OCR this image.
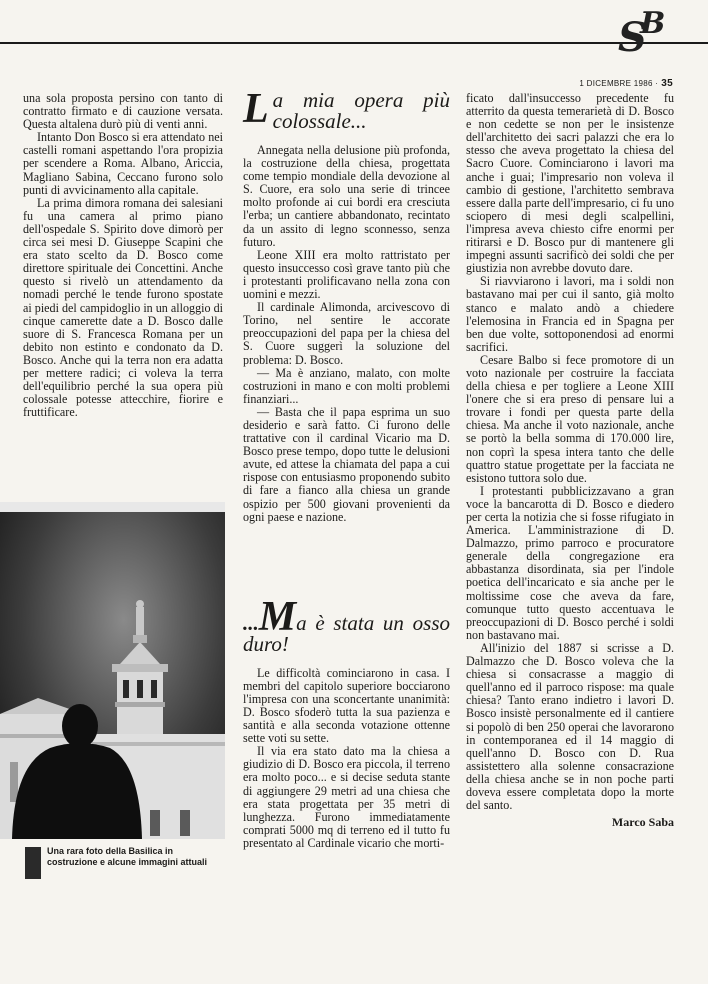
S
B
1 DICEMBRE 1986 · 35

una sola proposta persino con tanto di contratto firmato e di cauzione versata. Questa altalena durò più di venti anni.

Intanto Don Bosco si era attendato nei castelli romani aspettando l'ora propizia per scendere a Roma. Albano, Ariccia, Magliano Sabina, Ceccano furono solo punti di avvicinamento alla capitale.

La prima dimora romana dei salesiani fu una camera al primo piano dell'ospedale S. Spirito dove dimorò per circa sei mesi D. Giuseppe Scapini che era stato scelto da D. Bosco come direttore spirituale dei Concettini. Anche questo si rivelò un attendamento da nomadi perché le tende furono spostate ai piedi del campidoglio in un alloggio di cinque camerette date a D. Bosco dalle suore di S. Francesca Romana per un debito non estinto e condonato da D. Bosco. Anche qui la terra non era adatta per mettere radici; ci voleva la terra dell'equilibrio perché la sua opera più colossale potesse attecchire, fiorire e fruttificare.

Una rara foto della Basilica in costruzione e alcune immagini attuali
La mia opera più colossale...

Annegata nella delusione più profonda, la costruzione della chiesa, progettata come tempio mondiale della devozione al S. Cuore, era solo una serie di trincee molto profonde ai cui bordi era cresciuta l'erba; un cantiere abbandonato, recintato da un assito di legno sconnesso, senza futuro.

Leone XIII era molto rattristato per questo insuccesso così grave tanto più che i protestanti prolificavano nella zona con uomini e mezzi.

Il cardinale Alimonda, arcivescovo di Torino, nel sentire le accorate preoccupazioni del papa per la chiesa del S. Cuore suggerì la soluzione del problema: D. Bosco.

— Ma è anziano, malato, con molte costruzioni in mano e con molti problemi finanziari...

— Basta che il papa esprima un suo desiderio e sarà fatto. Ci furono delle trattative con il cardinal Vicario ma D. Bosco prese tempo, dopo tutte le delusioni avute, ed attese la chiamata del papa a cui rispose con entusiasmo proponendo subito di fare a fianco alla chiesa un grande ospizio per 500 giovani provenienti da ogni paese e nazione.

...Ma è stata un osso duro!

Le difficoltà cominciarono in casa. I membri del capitolo superiore bocciarono l'impresa con una sconcertante unanimità: D. Bosco sfoderò tutta la sua pazienza e santità e alla seconda votazione ottenne sette voti su sette.

Il via era stato dato ma la chiesa a giudizio di D. Bosco era piccola, il terreno era molto poco... e si decise seduta stante di aggiungere 29 metri ad una chiesa che era stata progettata per 35 metri di lunghezza. Furono immediatamente comprati 5000 mq di terreno ed il tutto fu presentato al Cardinale vicario che morti-

ficato dall'insuccesso precedente fu atterrito da questa temerarietà di D. Bosco e non cedette se non per le insistenze dell'architetto dei sacri palazzi che era lo stesso che aveva progettato la chiesa del Sacro Cuore. Cominciarono i lavori ma anche i guai; l'impresario non voleva il cambio di gestione, l'architetto sembrava essere dalla parte dell'impresario, ci fu uno sciopero di mesi degli scalpellini, l'impresa aveva chiesto cifre enormi per ritirarsi e D. Bosco pur di mantenere gli impegni assunti sacrificò dei soldi che per giustizia non avrebbe dovuto dare.

Si riavviarono i lavori, ma i soldi non bastavano mai per cui il santo, già molto stanco e malato andò a chiedere l'elemosina in Francia ed in Spagna per ben due volte, sottoponendosi ad enormi sacrifici.

Cesare Balbo si fece promotore di un voto nazionale per costruire la facciata della chiesa e per togliere a Leone XIII l'onere che si era preso di pensare lui a trovare i fondi per questa parte della chiesa. Ma anche il voto nazionale, anche se portò la bella somma di 170.000 lire, non coprì la spesa intera tanto che delle quattro statue progettate per la facciata ne esistono tuttora solo due.

I protestanti pubblicizzavano a gran voce la bancarotta di D. Bosco e diedero per certa la notizia che si fosse rifugiato in America. L'amministrazione di D. Dalmazzo, primo parroco e procuratore generale della congregazione era abbastanza disordinata, sia per l'indole poetica dell'incaricato e sia anche per le moltissime cose che aveva da fare, comunque tutto questo accentuava le preoccupazioni di D. Bosco perché i soldi non bastavano mai.

All'inizio del 1887 si scrisse a D. Dalmazzo che D. Bosco voleva che la chiesa si consacrasse a maggio di quell'anno ed il parroco rispose: ma quale chiesa? Tanto erano indietro i lavori D. Bosco insistè personalmente ed il cantiere si popolò di ben 250 operai che lavorarono in contemporanea ed il 14 maggio di quell'anno D. Bosco con D. Rua assistettero alla solenne consacrazione della chiesa anche se in non poche parti doveva essere completata dopo la morte del santo.

Marco Saba
